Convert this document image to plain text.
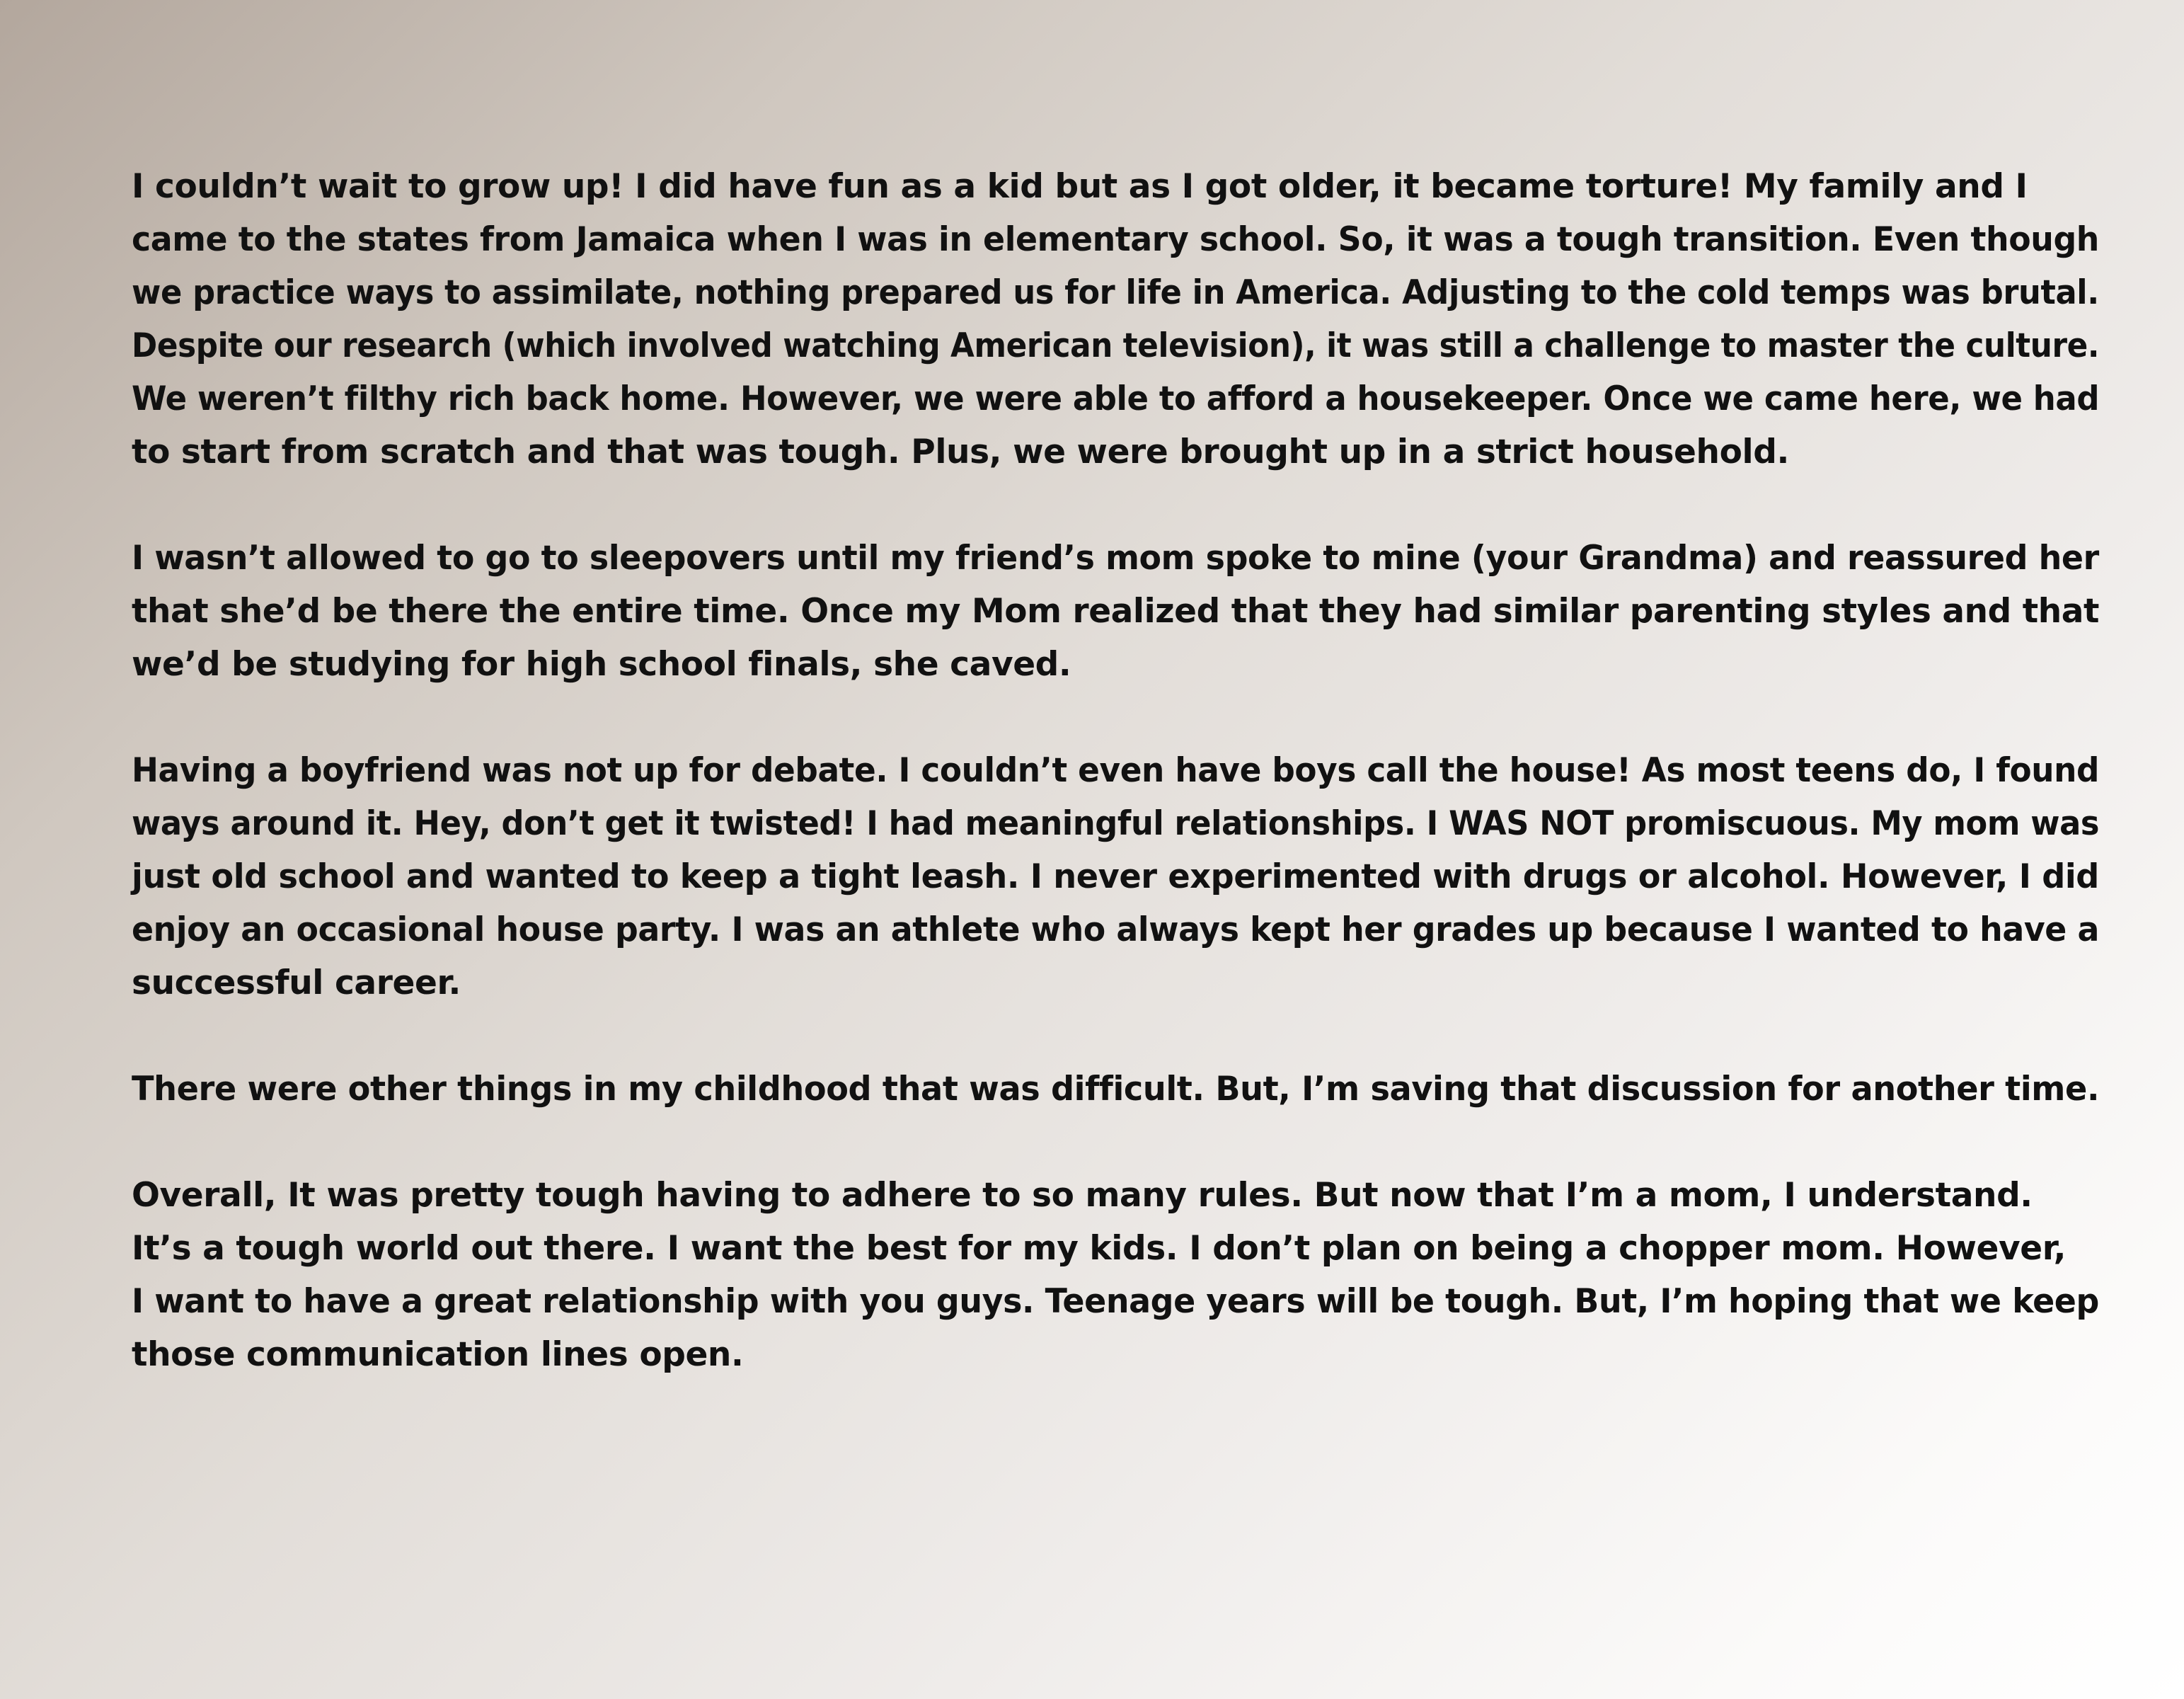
I couldn’t wait to grow up! I did have fun as a kid but as I got older, it became torture! My family and I
came to the states from Jamaica when I was in elementary school. So, it was a tough transition. Even though
we practice ways to assimilate, nothing prepared us for life in America. Adjusting to the cold temps was brutal.
Despite our research (which involved watching American television), it was still a challenge to master the culture.
We weren’t filthy rich back home. However, we were able to afford a housekeeper. Once we came here, we had
to start from scratch and that was tough. Plus, we were brought up in a strict household.
I wasn’t allowed to go to sleepovers until my friend’s mom spoke to mine (your Grandma) and reassured her
that she’d be there the entire time. Once my Mom realized that they had similar parenting styles and that
we’d be studying for high school finals, she caved.
Having a boyfriend was not up for debate. I couldn’t even have boys call the house! As most teens do, I found
ways around it. Hey, don’t get it twisted! I had meaningful relationships. I WAS NOT promiscuous. My mom was
just old school and wanted to keep a tight leash. I never experimented with drugs or alcohol. However, I did
enjoy an occasional house party. I was an athlete who always kept her grades up because I wanted to have a
successful career.
There were other things in my childhood that was difficult. But, I’m saving that discussion for another time.
Overall, It was pretty tough having to adhere to so many rules. But now that I’m a mom, I understand.
It’s a tough world out there. I want the best for my kids. I don’t plan on being a chopper mom. However,
I want to have a great relationship with you guys. Teenage years will be tough. But, I’m hoping that we keep
those communication lines open.
